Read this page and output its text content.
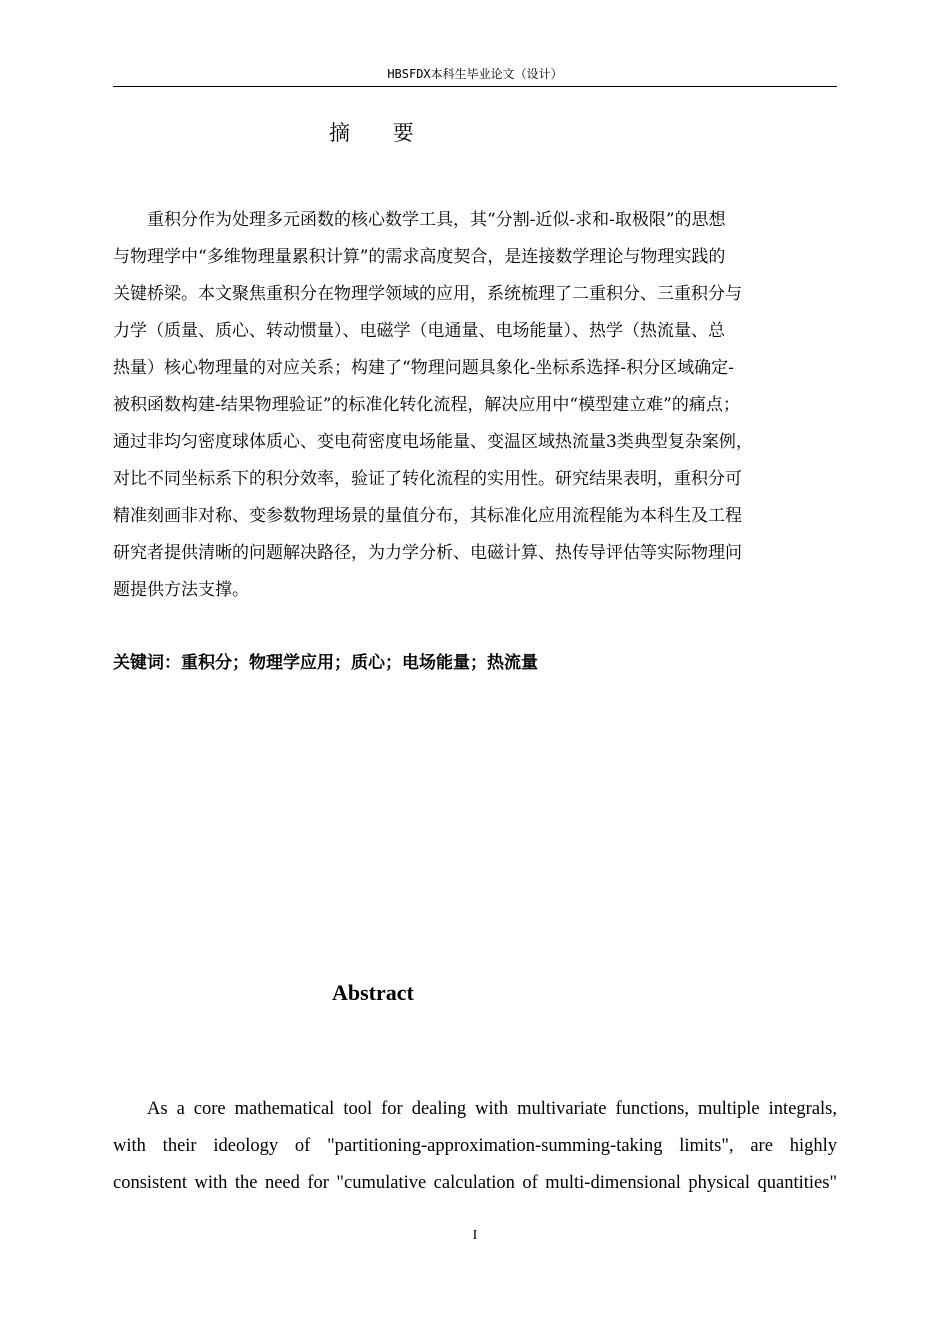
HBSFDX本科生毕业论文（设计）
摘 要

重积分作为处理多元函数的核心数学工具，其“分割-近似-求和-取极限”的思想
与物理学中“多维物理量累积计算”的需求高度契合，是连接数学理论与物理实践的
关键桥梁。本文聚焦重积分在物理学领域的应用，系统梳理了二重积分、三重积分与
力学（质量、质心、转动惯量）、电磁学（电通量、电场能量）、热学（热流量、总
热量）核心物理量的对应关系；构建了“物理问题具象化-坐标系选择-积分区域确定-
被积函数构建-结果物理验证”的标准化转化流程，解决应用中“模型建立难”的痛点；
通过非均匀密度球体质心、变电荷密度电场能量、变温区域热流量3类典型复杂案例，
对比不同坐标系下的积分效率，验证了转化流程的实用性。研究结果表明，重积分可
精准刻画非对称、变参数物理场景的量值分布，其标准化应用流程能为本科生及工程
研究者提供清晰的问题解决路径，为力学分析、电磁计算、热传导评估等实际物理问
题提供方法支撑。

关键词：重积分；物理学应用；质心；电场能量；热流量
Abstract

As a core mathematical tool for dealing with multivariate functions, multiple integrals,
with their ideology of "partitioning-approximation-summing-taking limits", are highly
consistent with the need for "cumulative calculation of multi-dimensional physical quantities"

I
